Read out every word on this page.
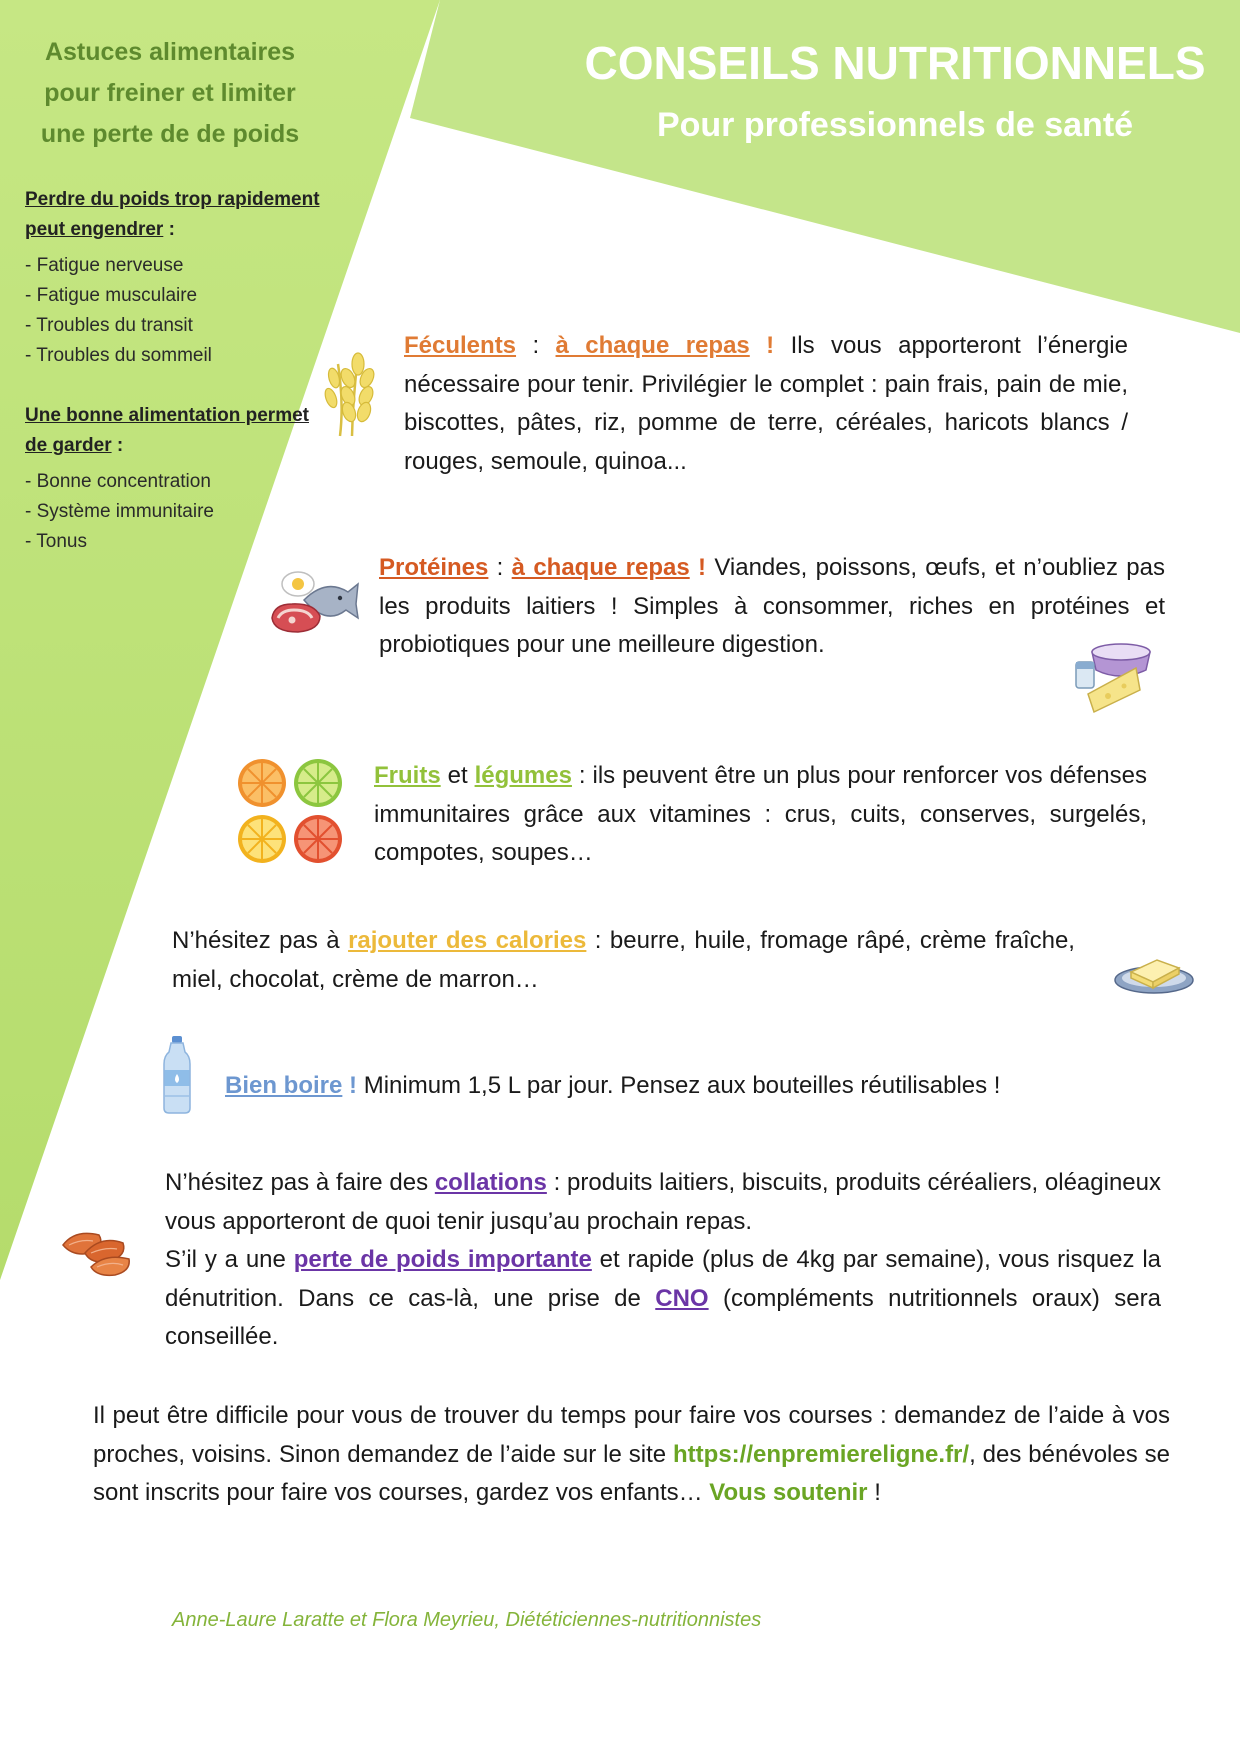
CONSEILS NUTRITIONNELS
Pour professionnels de santé
Astuces alimentaires
pour freiner et limiter
une perte de de poids
Perdre du poids trop rapidement peut engendrer :
- Fatigue nerveuse
- Fatigue musculaire
- Troubles du transit
- Troubles du sommeil
Une bonne alimentation permet de garder :
- Bonne concentration
- Système immunitaire
- Tonus
Féculents : à chaque repas ! Ils vous apporteront l’énergie nécessaire pour tenir. Privilégier le complet : pain frais, pain de mie, biscottes, pâtes, riz, pomme de terre, céréales, haricots blancs / rouges, semoule, quinoa...
Protéines : à chaque repas ! Viandes, poissons, œufs, et n’oubliez pas les produits laitiers ! Simples à consommer, riches en protéines et probiotiques pour une meilleure digestion.
Fruits et légumes : ils peuvent être un plus pour renforcer vos défenses immunitaires grâce aux vitamines : crus, cuits, conserves, surgelés, compotes, soupes…
N’hésitez pas à rajouter des calories : beurre, huile, fromage râpé, crème fraîche, miel, chocolat, crème de marron…
Bien boire ! Minimum 1,5 L par jour. Pensez aux bouteilles réutilisables !
N’hésitez pas à faire des collations : produits laitiers, biscuits, produits céréaliers, oléagineux vous apporteront de quoi tenir jusqu’au prochain repas.
S’il y a une perte de poids importante et rapide (plus de 4kg par semaine), vous risquez la dénutrition. Dans ce cas-là, une prise de CNO (compléments nutritionnels oraux) sera conseillée.
Il peut être difficile pour vous de trouver du temps pour faire vos courses : demandez de l’aide à vos proches, voisins. Sinon demandez de l’aide sur le site https://enpremiereligne.fr/, des bénévoles se sont inscrits pour faire vos courses, gardez vos enfants… Vous soutenir !
Anne-Laure Laratte et Flora Meyrieu, Diététiciennes-nutritionnistes
